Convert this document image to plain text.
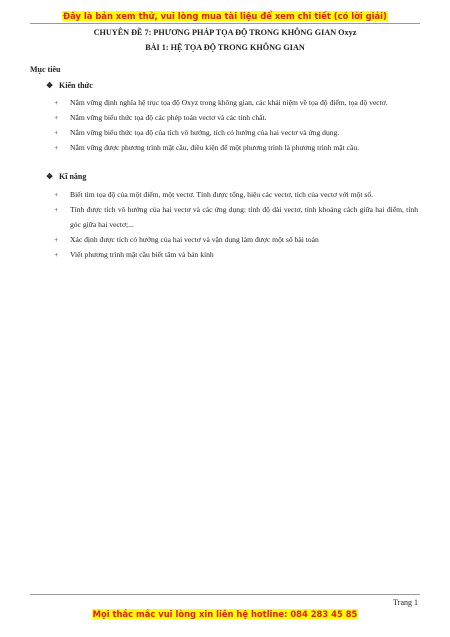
Đây là bản xem thử, vui lòng mua tài liệu để xem chi tiết (có lời giải)
CHUYÊN ĐỀ 7: PHƯƠNG PHÁP TỌA ĐỘ TRONG KHÔNG GIAN Oxyz
BÀI 1: HỆ TỌA ĐỘ TRONG KHÔNG GIAN
Mục tiêu
❖ Kiến thức
+	Nắm vững định nghĩa hệ trục tọa độ Oxyz trong không gian, các khái niệm về tọa độ điểm, tọa độ vectơ.
+	Nắm vững biểu thức tọa độ các phép toán vectơ và các tính chất.
+	Nắm vững biểu thức tọa độ của tích vô hướng, tích có hướng của hai vectơ và ứng dụng.
+	Nắm vững được phương trình mặt cầu, điều kiện để một phương trình là phương trình mặt cầu.
❖ Kĩ năng
+	Biết tìm tọa độ của một điểm, một vectơ. Tính được tổng, hiệu các vectơ, tích của vectơ với một số.
+	Tính được tích vô hướng của hai vectơ và các ứng dụng: tính độ dài vectơ, tính khoảng cách giữa hai điểm, tính góc giữa hai vectơ;...
+	Xác định được tích có hướng của hai vectơ và vận dụng làm được một số bài toán
+	Viết phương trình mặt cầu biết tâm và bán kính
Trang 1
Mọi thắc mắc vui lòng xin liên hệ hotline: 084 283 45 85
